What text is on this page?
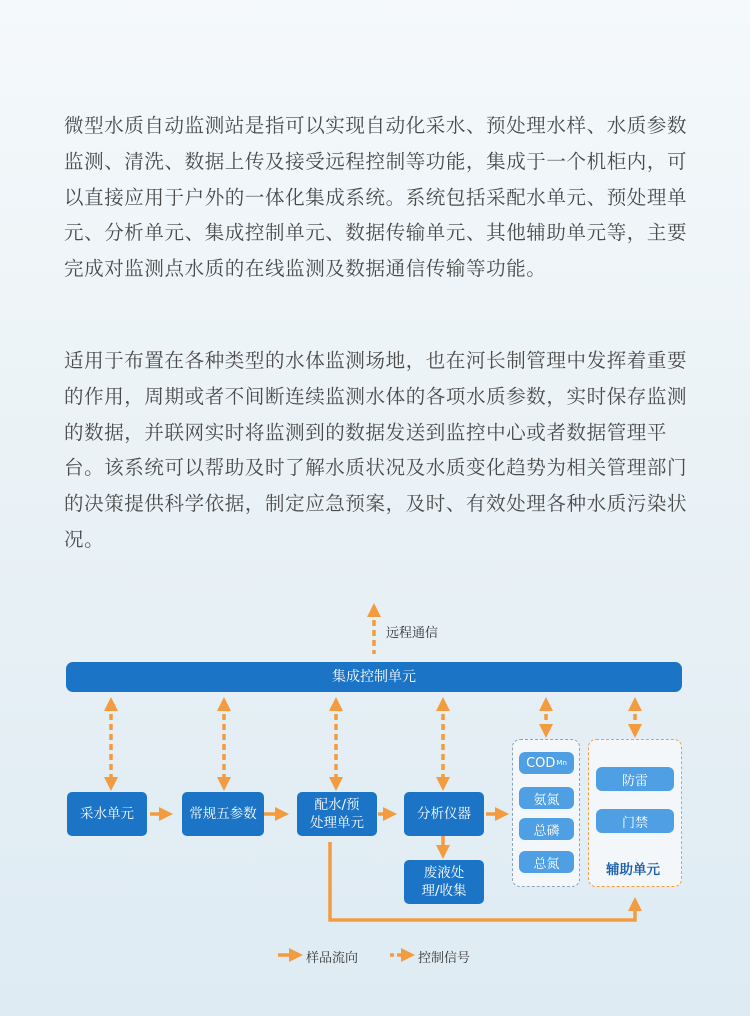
微型水质自动监测站是指可以实现自动化采水、预处理水样、水质参数监测、清洗、数据上传及接受远程控制等功能，集成于一个机柜内，可以直接应用于户外的一体化集成系统。系统包括采配水单元、预处理单元、分析单元、集成控制单元、数据传输单元、其他辅助单元等，主要完成对监测点水质的在线监测及数据通信传输等功能。

适用于布置在各种类型的水体监测场地，也在河长制管理中发挥着重要的作用，周期或者不间断连续监测水体的各项水质参数，实时保存监测的数据，并联网实时将监测到的数据发送到监控中心或者数据管理平台。该系统可以帮助及时了解水质状况及水质变化趋势为相关管理部门的决策提供科学依据，制定应急预案，及时、有效处理各种水质污染状况。

远程通信
集成控制单元
采水单元	常规五参数
配水/预
处理单元
分析仪器
废液处
理/收集
COD Mn
氨氮
总磷
总氮
防雷
门禁
辅助单元
样品流向	控制信号
